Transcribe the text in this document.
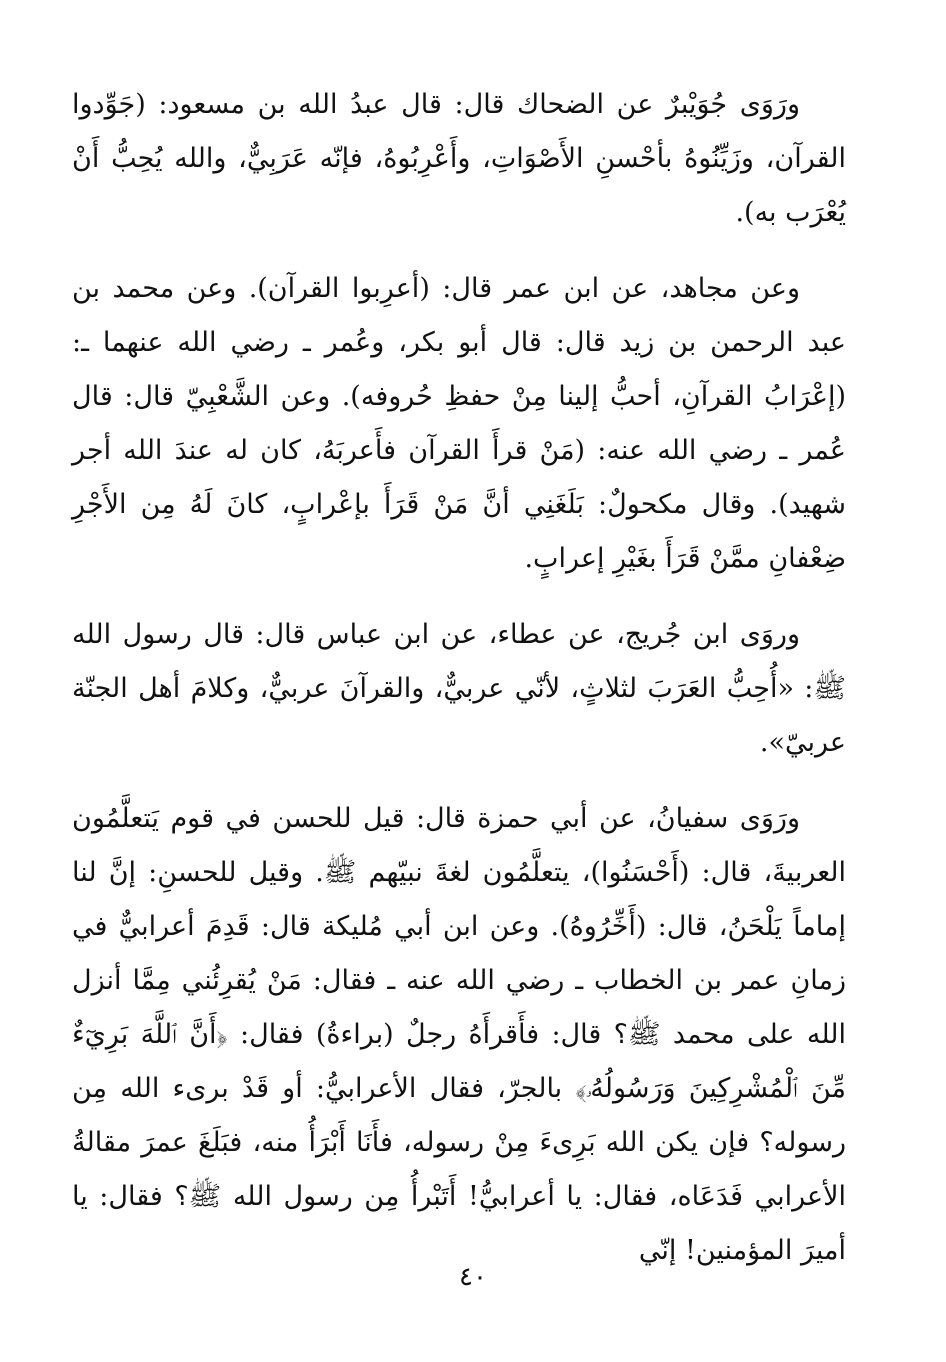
ورَوَى جُوَيْبرٌ عن الضحاك قال: قال عبدُ الله بن مسعود: (جَوِّدوا القرآن، وزَيِّنُوهُ بأحْسنِ الأَصْوَاتِ، وأَعْرِبُوهُ، فإنّه عَرَبِيٌّ، والله يُحِبُّ أَنْ يُعْرَب به).

وعن مجاهد، عن ابن عمر قال: (أعرِبوا القرآن). وعن محمد بن عبد الرحمن بن زيد قال: قال أبو بكر، وعُمر ـ رضي الله عنهما ـ: (إعْرَابُ القرآنِ، أحبُّ إلينا مِنْ حفظِ حُروفه). وعن الشَّعْبِيّ قال: قال عُمر ـ رضي الله عنه: (مَنْ قرأَ القرآن فأَعربَهُ، كان له عندَ الله أجر شهيد). وقال مكحولٌ: بَلَغَنِي أنَّ مَنْ قَرَأَ بإعْرابٍ، كانَ لَهُ مِن الأَجْرِ ضِعْفانِ ممَّنْ قَرَأَ بغَيْرِ إعرابٍ.

وروَى ابن جُريج، عن عطاء، عن ابن عباس قال: قال رسول الله ﷺ: «أُحِبُّ العَرَبَ لثلاثٍ، لأنّي عربيٌّ، والقرآنَ عربيٌّ، وكلامَ أهل الجنّة عربيّ».

ورَوَى سفيانُ، عن أبي حمزة قال: قيل للحسن في قوم يَتعلَّمُون العربيةَ، قال: (أَحْسَنُوا)، يتعلَّمُون لغةَ نبيّهم ﷺ. وقيل للحسنِ: إنَّ لنا إماماً يَلْحَنُ، قال: (أَخِّرُوهُ). وعن ابن أبي مُليكة قال: قَدِمَ أعرابيٌّ في زمانِ عمر بن الخطاب ـ رضي الله عنه ـ فقال: مَنْ يُقرِئُني مِمَّا أنزل الله على محمد ﷺ؟ قال: فأَقرأَهُ رجلٌ (براءةُ) فقال: ﴿أَنَّ ٱللَّهَ بَرِيٓءٌ مِّنَ ٱلْمُشْرِكِينَ وَرَسُولُهُۥ﴾ بالجرّ، فقال الأعرابيُّ: أو قَدْ برىء الله مِن رسوله؟ فإن يكن الله بَرِىءَ مِنْ رسوله، فأَنَا أَبْرَأُ منه، فبَلَغَ عمرَ مقالةُ الأعرابي فَدَعَاه، فقال: يا أعرابيُّ! أَتَبْرأُ مِن رسول الله ﷺ؟ فقال: يا أميرَ المؤمنين! إنّي

٤٠
